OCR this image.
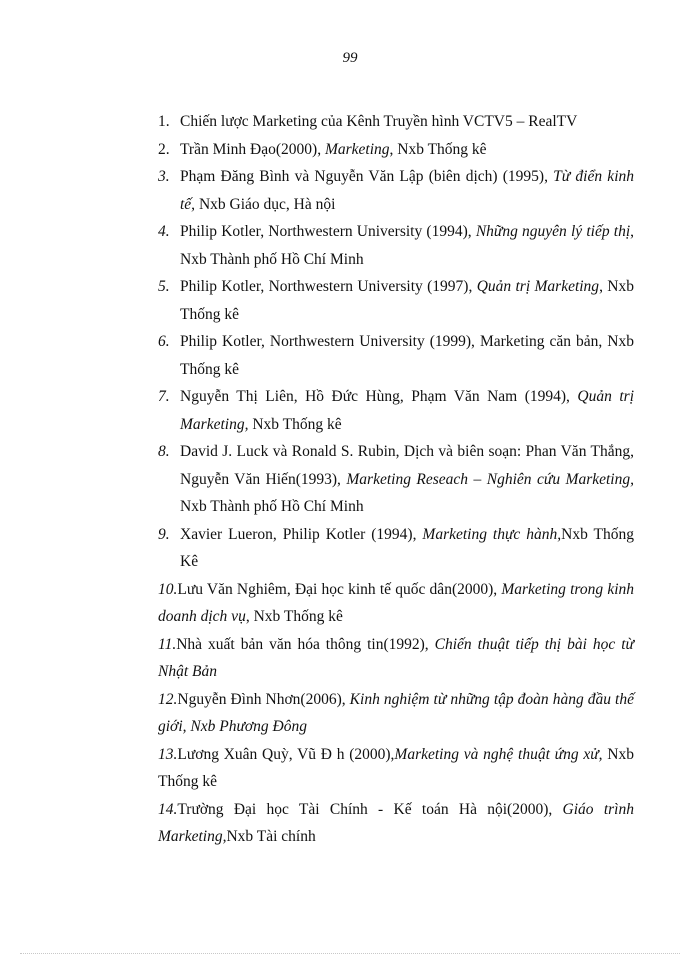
99
1. Chiến lược Marketing của Kênh Truyền hình VCTV5 – RealTV
2. Trần Minh Đạo(2000), Marketing, Nxb Thống kê
3. Phạm Đăng Bình và Nguyễn Văn Lập (biên dịch) (1995), Từ điển kinh tế, Nxb Giáo dục, Hà nội
4. Philip Kotler, Northwestern University (1994), Những nguyên lý tiếp thị, Nxb Thành phố Hồ Chí Minh
5. Philip Kotler, Northwestern University (1997), Quản trị Marketing, Nxb Thống kê
6. Philip Kotler, Northwestern University (1999), Marketing căn bản, Nxb Thống kê
7. Nguyễn Thị Liên, Hồ Đức Hùng, Phạm Văn Nam (1994), Quản trị Marketing, Nxb Thống kê
8. David J. Luck và Ronald S. Rubin, Dịch và biên soạn: Phan Văn Thắng, Nguyễn Văn Hiến(1993), Marketing Reseach – Nghiên cứu Marketing, Nxb Thành phố Hồ Chí Minh
9. Xavier Lueron, Philip Kotler (1994), Marketing thực hành,Nxb Thống Kê
10.Lưu Văn Nghiêm, Đại học kinh tế quốc dân(2000), Marketing trong kinh doanh dịch vụ, Nxb Thống kê
11.Nhà xuất bản văn hóa thông tin(1992), Chiến thuật tiếp thị bài học từ Nhật Bản
12.Nguyễn Đình Nhơn(2006), Kinh nghiệm từ những tập đoàn hàng đầu thế giới, Nxb Phương Đông
13.Lương Xuân Quỳ, Vũ Đ h (2000),Marketing và nghệ thuật ứng xử, Nxb Thống kê
14.Trường Đại học Tài Chính - Kế toán Hà nội(2000), Giáo trình Marketing,Nxb Tài chính
